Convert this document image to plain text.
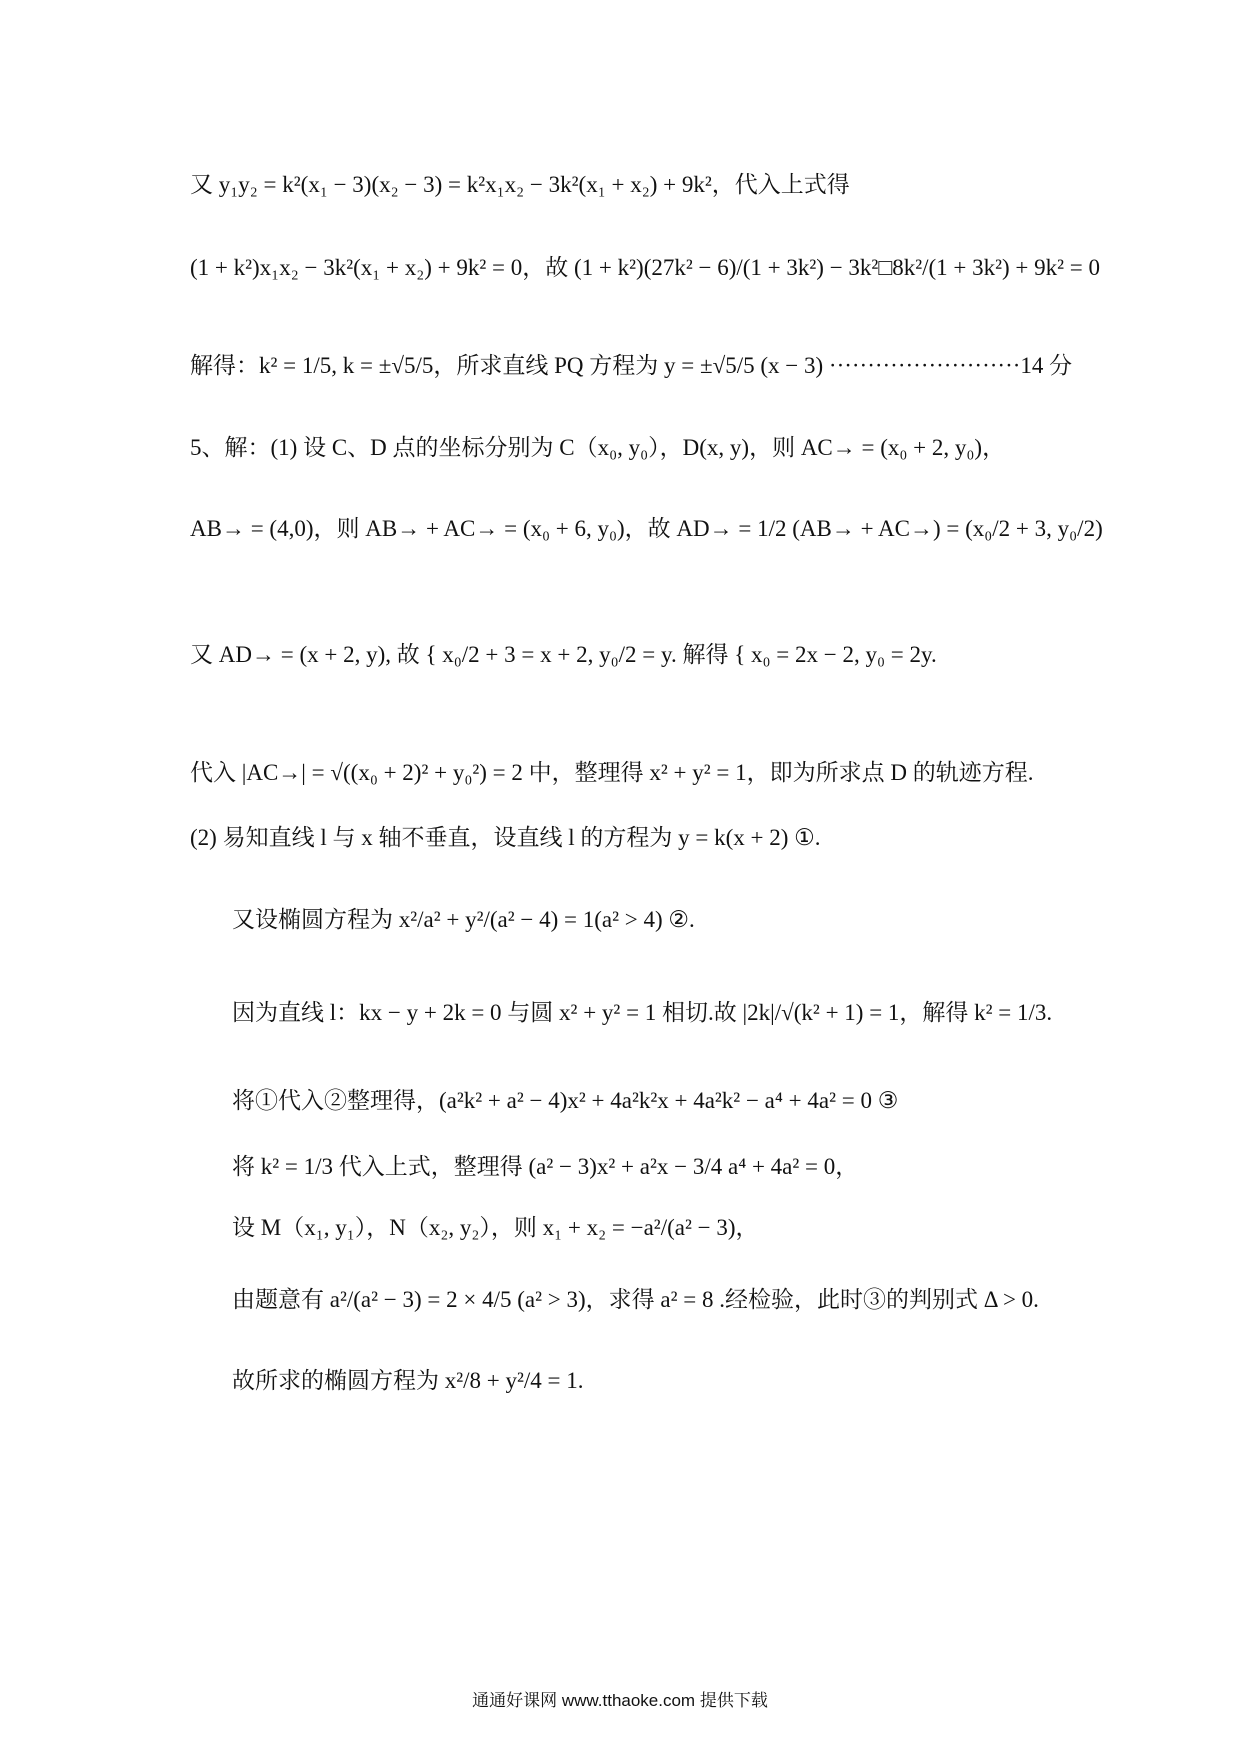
又 y₁y₂ = k²(x₁ − 3)(x₂ − 3) = k²x₁x₂ − 3k²(x₁ + x₂) + 9k²，代入上式得
(1 + k²)x₁x₂ − 3k²(x₁ + x₂) + 9k² = 0，故 (1 + k²)(27k² − 6)/(1 + 3k²) − 3k²□8k²/(1 + 3k²) + 9k² = 0
解得：k² = 1/5, k = ±√5/5，所求直线 PQ 方程为 y = ±√5/5 (x − 3) ·························14 分
5、解：(1) 设 C、D 点的坐标分别为 C（x₀, y₀），D(x, y)，则 AC→ = (x₀ + 2, y₀)，
AB→ = (4,0)，则 AB→ + AC→ = (x₀ + 6, y₀)，故 AD→ = 1/2 (AB→ + AC→) = (x₀/2 + 3, y₀/2)
又 AD→ = (x + 2, y), 故 { x₀/2 + 3 = x + 2, y₀/2 = y. 解得 { x₀ = 2x − 2, y₀ = 2y.
代入 |AC→| = √((x₀ + 2)² + y₀²) = 2 中，整理得 x² + y² = 1，即为所求点 D 的轨迹方程.
(2) 易知直线 l 与 x 轴不垂直，设直线 l 的方程为 y = k(x + 2) ①.
又设椭圆方程为 x²/a² + y²/(a² − 4) = 1(a² > 4) ②.
因为直线 l：kx − y + 2k = 0 与圆 x² + y² = 1 相切.故 |2k|/√(k² + 1) = 1，解得 k² = 1/3.
将①代入②整理得，(a²k² + a² − 4)x² + 4a²k²x + 4a²k² − a⁴ + 4a² = 0 ③
将 k² = 1/3 代入上式，整理得 (a² − 3)x² + a²x − 3/4 a⁴ + 4a² = 0，
设 M（x₁, y₁），N（x₂, y₂），则 x₁ + x₂ = −a²/(a² − 3)，
由题意有 a²/(a² − 3) = 2 × 4/5 (a² > 3)，求得 a² = 8 .经检验，此时③的判别式 Δ > 0.
故所求的椭圆方程为 x²/8 + y²/4 = 1.
通通好课网 www.tthaoke.com 提供下载
